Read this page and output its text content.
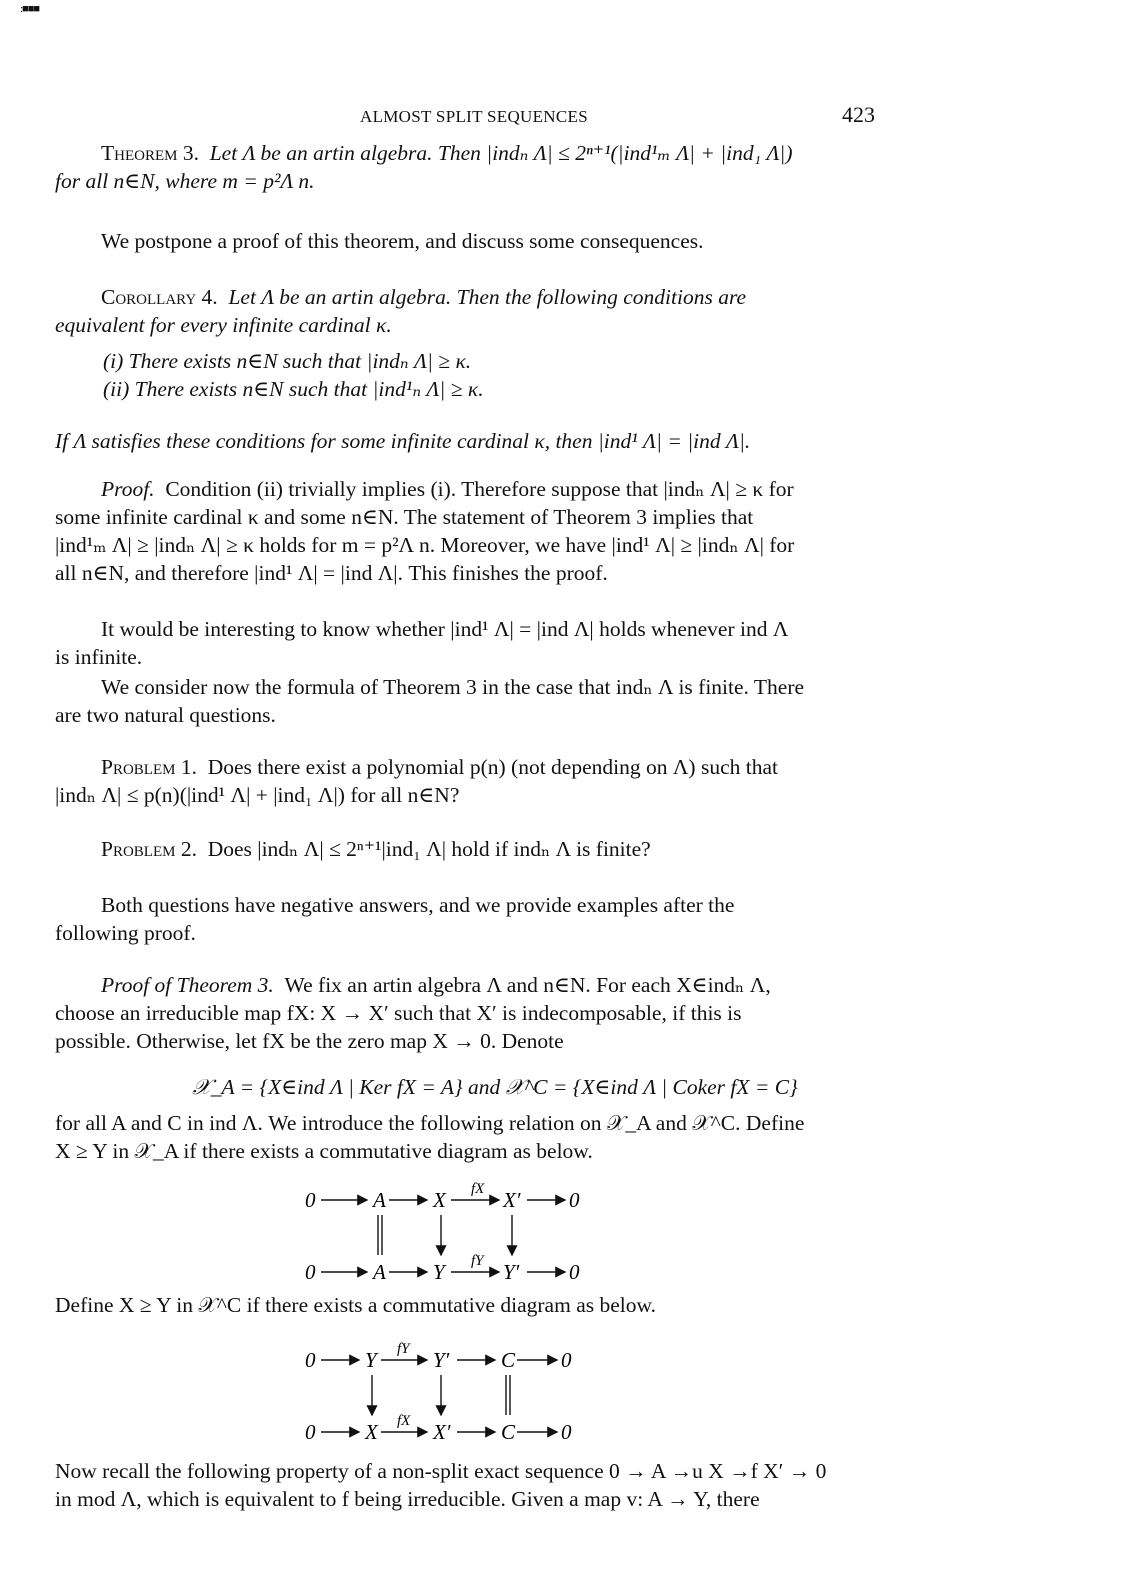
:■■■
ALMOST SPLIT SEQUENCES	423
Theorem 3. Let Λ be an artin algebra. Then |indₙ Λ| ≤ 2ⁿ⁺¹(|ind¹ₘ Λ| + |ind₁ Λ|)
for all n∈N, where m = p²Λ n.
We postpone a proof of this theorem, and discuss some consequences.
Corollary 4. Let Λ be an artin algebra. Then the following conditions are
equivalent for every infinite cardinal κ.
(i) There exists n∈N such that |indₙ Λ| ≥ κ.
(ii) There exists n∈N such that |ind¹ₙ Λ| ≥ κ.
If Λ satisfies these conditions for some infinite cardinal κ, then |ind¹ Λ| = |ind Λ|.
Proof. Condition (ii) trivially implies (i). Therefore suppose that |indₙ Λ| ≥ κ for
some infinite cardinal κ and some n∈N. The statement of Theorem 3 implies that
|ind¹ₘ Λ| ≥ |indₙ Λ| ≥ κ holds for m = p²Λ n. Moreover, we have |ind¹ Λ| ≥ |indₙ Λ| for
all n∈N, and therefore |ind¹ Λ| = |ind Λ|. This finishes the proof.
It would be interesting to know whether |ind¹ Λ| = |ind Λ| holds whenever ind Λ
is infinite.
We consider now the formula of Theorem 3 in the case that indₙ Λ is finite. There
are two natural questions.
Problem 1. Does there exist a polynomial p(n) (not depending on Λ) such that
|indₙ Λ| ≤ p(n)(|ind¹ Λ| + |ind₁ Λ|) for all n∈N?
Problem 2. Does |indₙ Λ| ≤ 2ⁿ⁺¹|ind₁ Λ| hold if indₙ Λ is finite?
Both questions have negative answers, and we provide examples after the
following proof.
Proof of Theorem 3. We fix an artin algebra Λ and n∈N. For each X∈indₙ Λ,
choose an irreducible map fX: X → X′ such that X′ is indecomposable, if this is
possible. Otherwise, let fX be the zero map X → 0. Denote
𝒳_A = {X∈ind Λ | Ker fX = A} and 𝒳^C = {X∈ind Λ | Coker fX = C}
for all A and C in ind Λ. We introduce the following relation on 𝒳_A and 𝒳^C. Define
X ≥ Y in 𝒳_A if there exists a commutative diagram as below.
0	A X	X′ 0
0	A Y	Y′ 0
fX
fY
Define X ≥ Y in 𝒳^C if there exists a commutative diagram as below.
0 Y	Y′ C 0
0 X	X′ C 0
fY
fX
Now recall the following property of a non-split exact sequence 0 → A →u X →f X′ → 0
in mod Λ, which is equivalent to f being irreducible. Given a map v: A → Y, there
